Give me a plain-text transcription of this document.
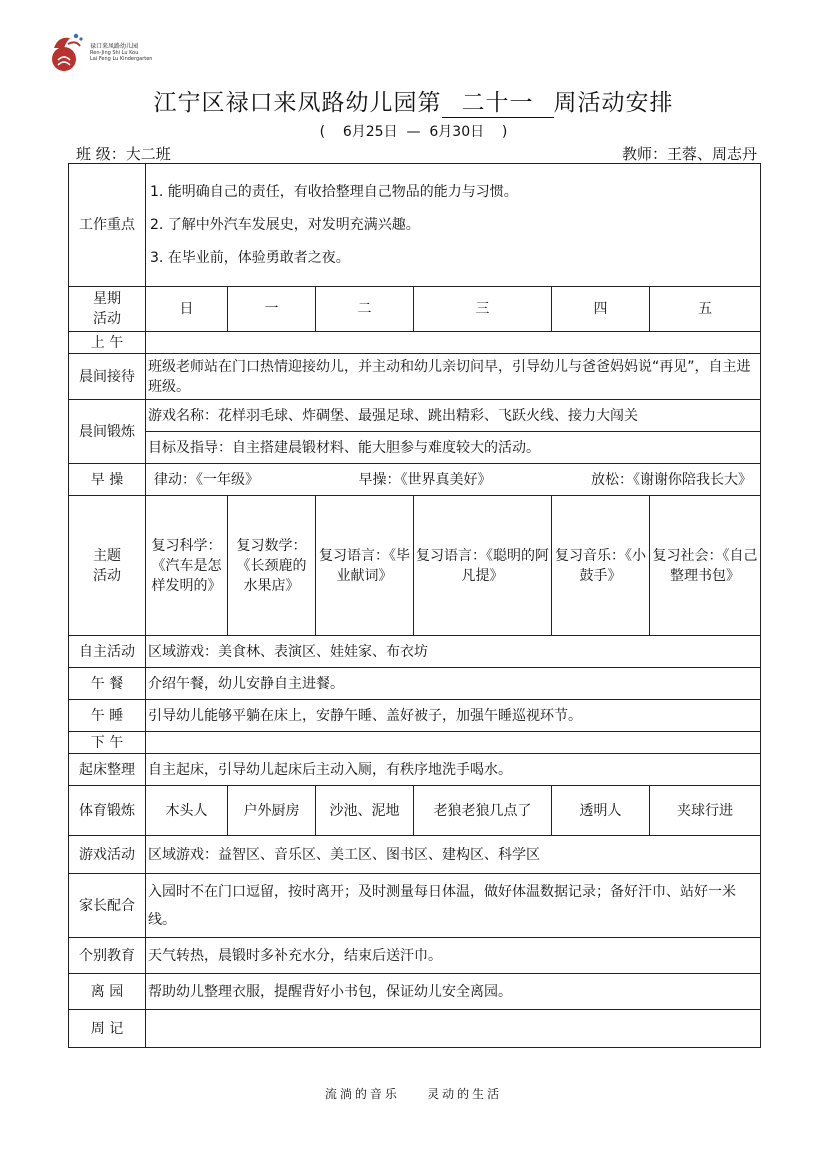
禄口来凤路幼儿园
Ren-Jing Shi Lu Kou
Lai Feng Lu Kindergarten
江宁区禄口来凤路幼儿园第 二十一 周活动安排
(    6月25日  —  6月30日    )
班 级：大二班	教师：王蓉、周志丹
工作重点	1. 能明确自己的责任，有收拾整理自己物品的能力与习惯。
2. 了解中外汽车发展史，对发明充满兴趣。
3. 在毕业前，体验勇敢者之夜。					

星期
活动	日	一	二	三	四	五
上 午						
晨间接待	班级老师站在门口热情迎接幼儿，并主动和幼儿亲切问早，引导幼儿与爸爸妈妈说“再见”，自主进班级。					
晨间锻炼	游戏名称：花样羽毛球、炸碉堡、最强足球、跳出精彩、飞跃火线、接力大闯关					
	目标及指导：自主搭建晨锻材料、能大胆参与难度较大的活动。					
早 操	律动：《一年级》 早操：《世界真美好》 放松：《谢谢你陪我长大》					

主题
活动	复习科学：《汽车是怎样发明的》	复习数学：《长颈鹿的水果店》	复习语言：《毕业献词》	复习语言：《聪明的阿凡提》	复习音乐：《小鼓手》	复习社会：《自己整理书包》
自主活动	区域游戏：美食林、表演区、娃娃家、布衣坊					
午 餐	介绍午餐，幼儿安静自主进餐。					
午 睡	引导幼儿能够平躺在床上，安静午睡、盖好被子，加强午睡巡视环节。					
下 午						
起床整理	自主起床，引导幼儿起床后主动入厕，有秩序地洗手喝水。					
体育锻炼	木头人	户外厨房	沙池、泥地	老狼老狼几点了	透明人	夹球行进
游戏活动	区域游戏：益智区、音乐区、美工区、图书区、建构区、科学区					
家长配合	入园时不在门口逗留，按时离开；及时测量每日体温，做好体温数据记录；备好汗巾、站好一米线。					
个别教育	天气转热，晨锻时多补充水分，结束后送汗巾。					
离 园	帮助幼儿整理衣服，提醒背好小书包，保证幼儿安全离园。					
周 记						
流淌的音乐    灵动的生活
